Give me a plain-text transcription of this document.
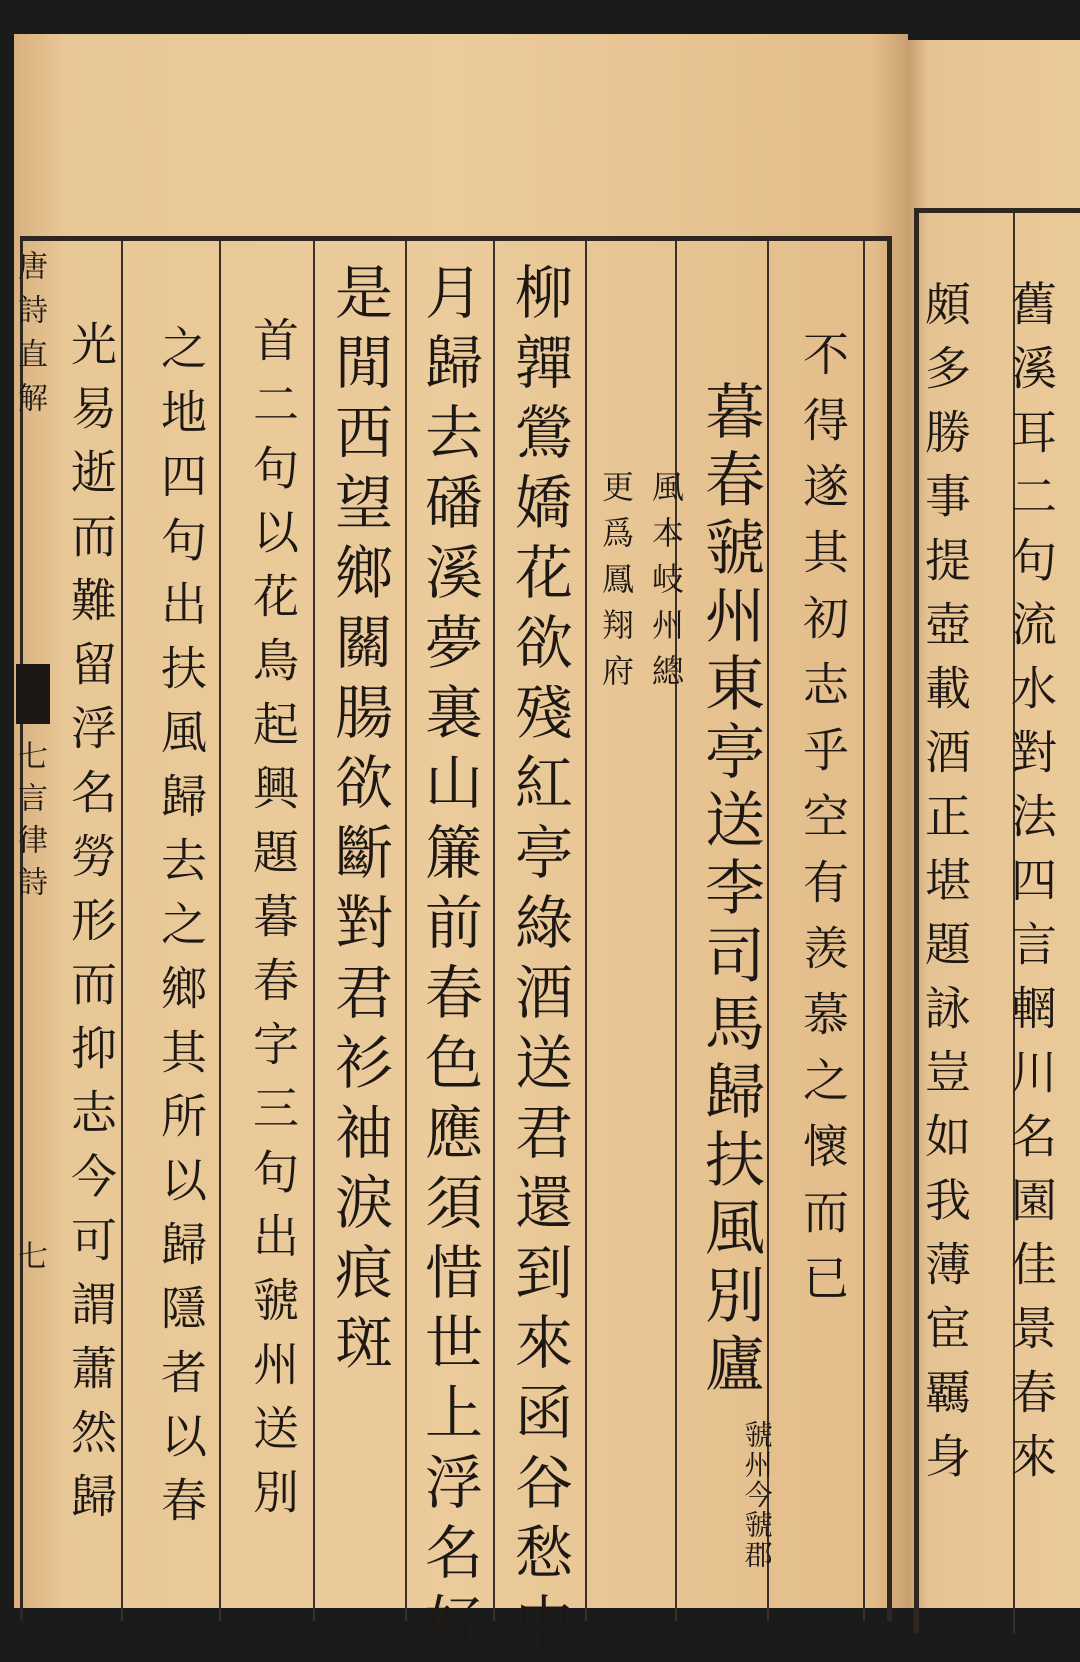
唐詩直解
七言律詩
七	不得遂其初志乎空有羡慕之懷而已
暮春虢州東亭送李司馬歸扶風別廬
虢州今虢郡
風本岐州總
更爲鳳翔府
柳嚲鶯嬌花欲殘紅亭綠酒送君還到來函谷愁中
月歸去磻溪夢裏山簾前春色應須惜世上浮名好
是閒西望鄉關腸欲斷對君衫袖淚痕斑
首二句以花鳥起興題暮春字三句出虢州送別
之地四句出扶風歸去之鄉其所以歸隱者以春
光易逝而難留浮名勞形而抑志今可謂蕭然歸	舊溪耳二句流水對法四言輞川名園佳景春來
頗多勝事提壺載酒正堪題詠豈如我薄宦覊身
